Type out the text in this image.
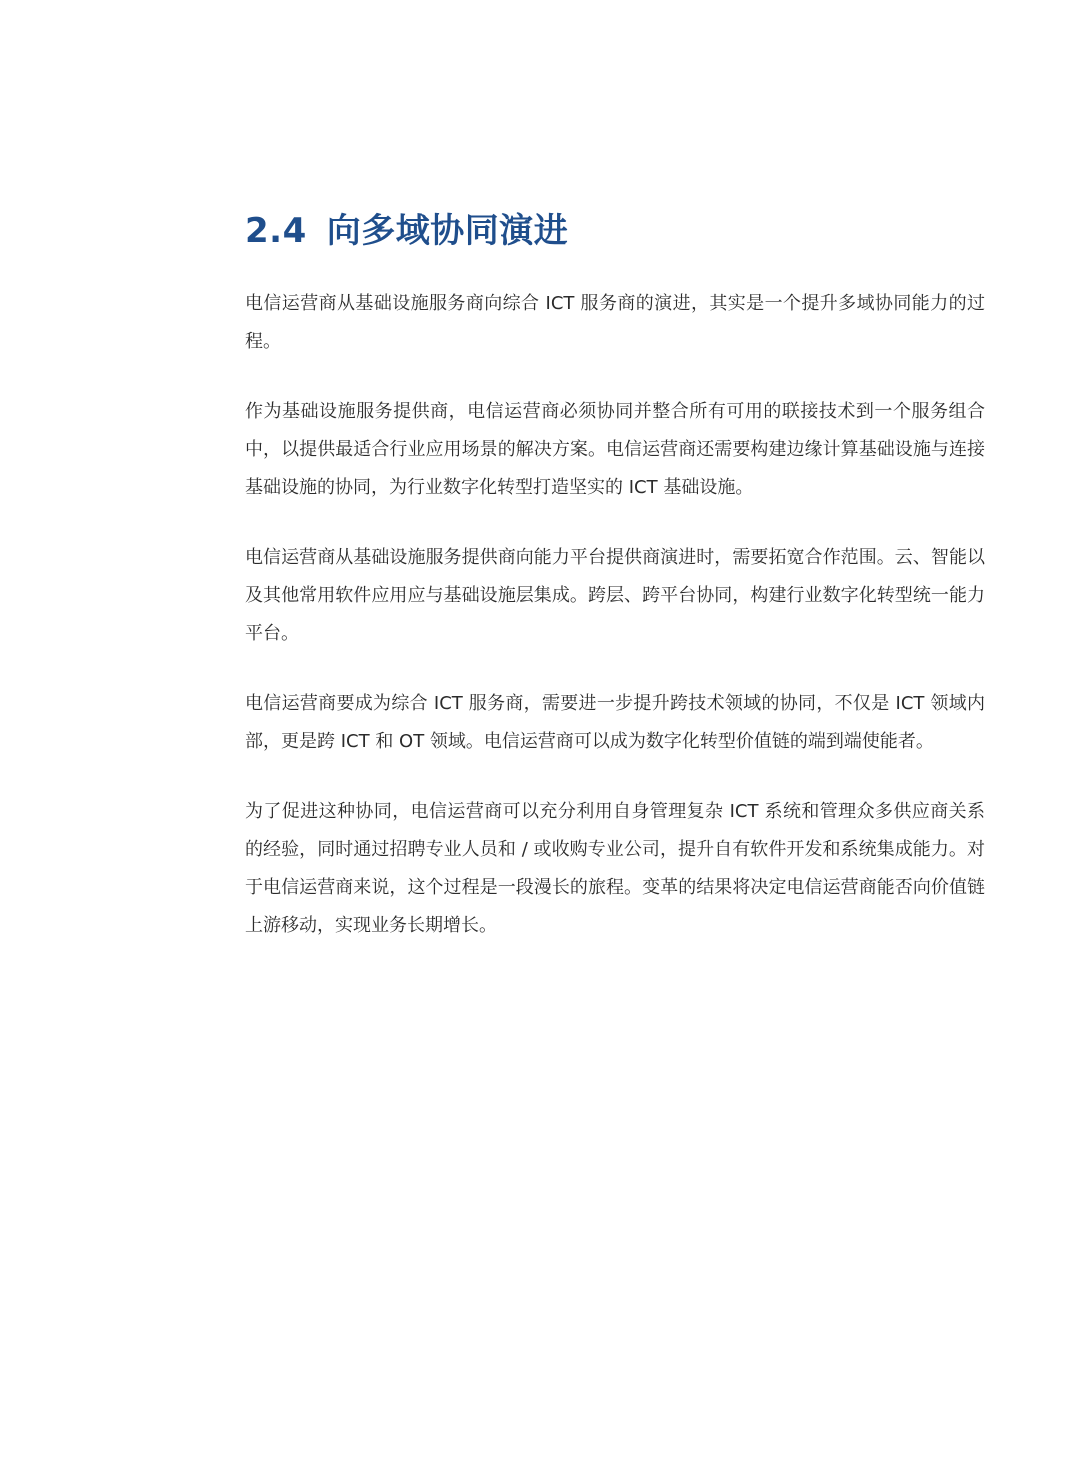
2.4 向多域协同演进

电信运营商从基础设施服务商向综合 ICT 服务商的演进，其实是一个提升多域协同能力的过程。

作为基础设施服务提供商，电信运营商必须协同并整合所有可用的联接技术到一个服务组合中，以提供最适合行业应用场景的解决方案。电信运营商还需要构建边缘计算基础设施与连接基础设施的协同，为行业数字化转型打造坚实的 ICT 基础设施。

电信运营商从基础设施服务提供商向能力平台提供商演进时，需要拓宽合作范围。云、智能以及其他常用软件应用应与基础设施层集成。跨层、跨平台协同，构建行业数字化转型统一能力平台。

电信运营商要成为综合 ICT 服务商，需要进一步提升跨技术领域的协同，不仅是 ICT 领域内部，更是跨 ICT 和 OT 领域。电信运营商可以成为数字化转型价值链的端到端使能者。

为了促进这种协同，电信运营商可以充分利用自身管理复杂 ICT 系统和管理众多供应商关系的经验，同时通过招聘专业人员和 / 或收购专业公司，提升自有软件开发和系统集成能力。对于电信运营商来说，这个过程是一段漫长的旅程。变革的结果将决定电信运营商能否向价值链上游移动，实现业务长期增长。
